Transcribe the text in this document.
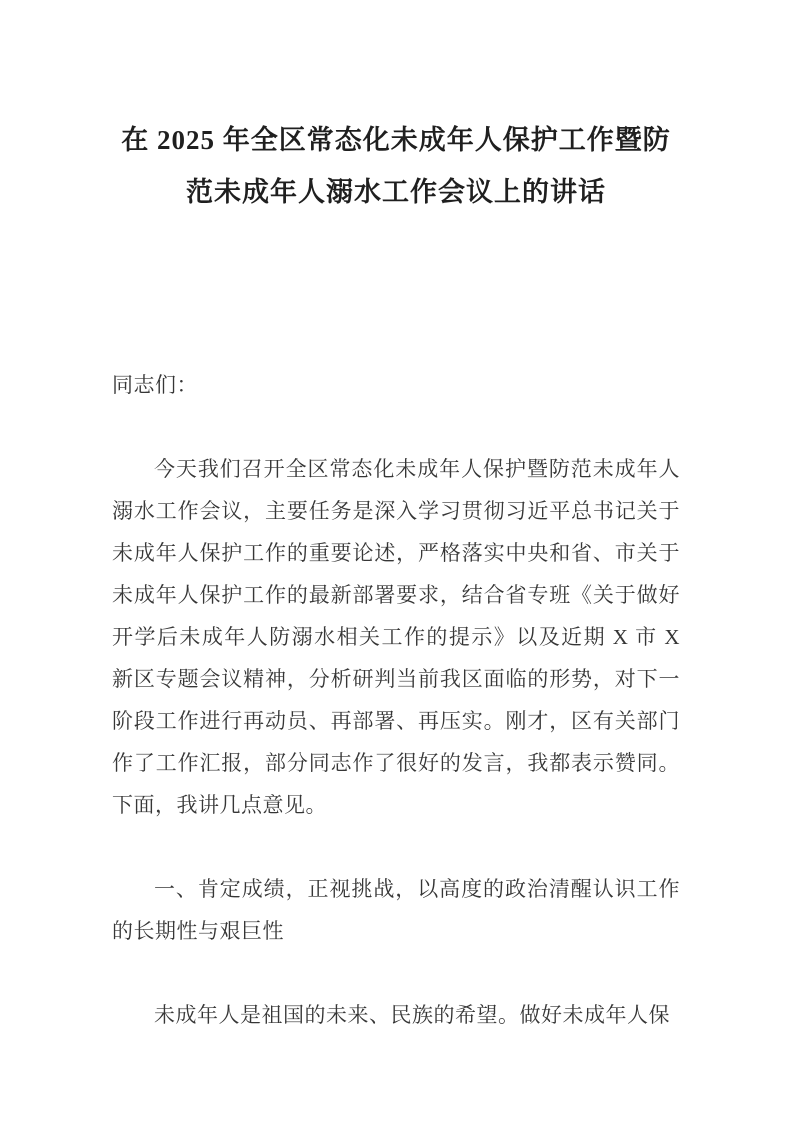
在 2025 年全区常态化未成年人保护工作暨防范未成年人溺水工作会议上的讲话

同志们：

今天我们召开全区常态化未成年人保护暨防范未成年人溺水工作会议，主要任务是深入学习贯彻习近平总书记关于未成年人保护工作的重要论述，严格落实中央和省、市关于未成年人保护工作的最新部署要求，结合省专班《关于做好开学后未成年人防溺水相关工作的提示》以及近期 X 市 X 新区专题会议精神，分析研判当前我区面临的形势，对下一阶段工作进行再动员、再部署、再压实。刚才，区有关部门作了工作汇报，部分同志作了很好的发言，我都表示赞同。下面，我讲几点意见。

一、肯定成绩，正视挑战，以高度的政治清醒认识工作的长期性与艰巨性

未成年人是祖国的未来、民族的希望。做好未成年人保
